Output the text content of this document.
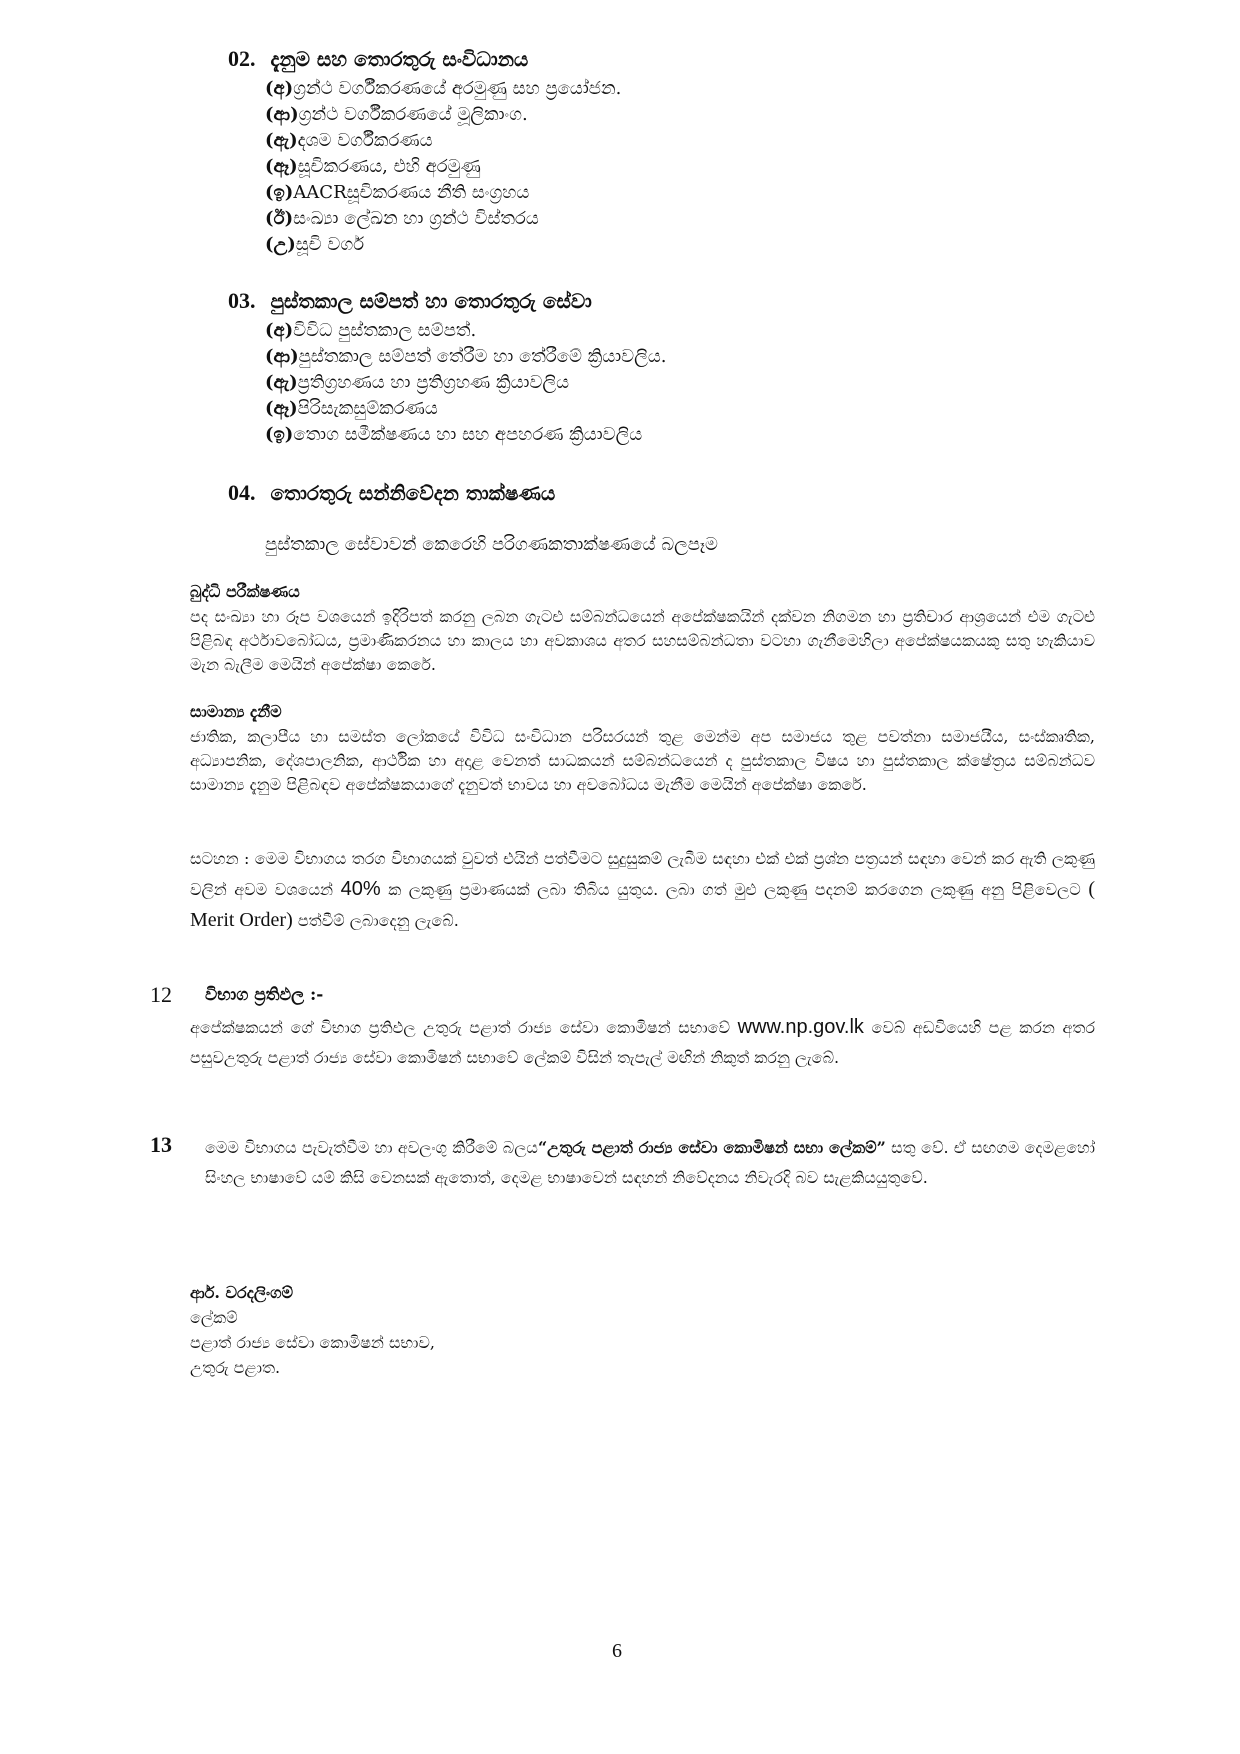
02. දැනුම සහ තොරතුරු සංවිධානය
(අ)ග්‍රන්ථ වර්ගීකරණයේ අරමුණු සහ ප්‍රයෝජන.
(ආ)ග්‍රන්ථ වර්ගීකරණයේ මූලිකාංග.
(ඇ)දශම වර්ගීකරණය
(ඈ)සූචිකරණය, එහි අරමුණු
(ඉ)AACRසූචිකරණය නීති සංග්‍රහය
(ඊ)සංඛ්‍යා ලේඛන හා ග්‍රන්ථ විස්තරය
(උ)සූචි වර්ග
03. පුස්තකාල සම්පත් හා තොරතුරු සේවා
(අ)විවිධ පුස්තකාල සම්පත්.
(ආ)පුස්තකාල සම්පත් තේරීම හා තේරීමේ ක්‍රියාවලිය.
(ඇ)ප්‍රතිග්‍රහණය හා ප්‍රතිග්‍රහණ ක්‍රියාවලිය
(ඈ)පිරිසැකසුම්කරණය
(ඉ)තොග සමීක්ෂණය හා සහ අපහරණ ක්‍රියාවලිය
04. තොරතුරු සන්නිවේදන තාක්ෂණය
පුස්තකාල සේවාවන් කෙරෙහි පරිගණකතාක්ෂණයේ බලපෑම
බුද්ධි පරීක්ෂණය
පද සංඛ්‍යා හා රූප වශයෙන් ඉදිරිපත් කරනු ලබන ගැටළු සම්බන්ධයෙන් අපේක්ෂකයින් දක්වන නිගමන හා ප්‍රතිචාර ආශ්‍රයෙන් එම ගැටළු පිළිබඳ අර්ථාවබෝධය, ප්‍රමාණිකරනය හා කාලය හා අවකාශය අතර සහසම්බන්ධතා වටහා ගැනීමෙහිලා අපේක්ෂයකයකු සතු හැකියාව මැන බැලීම මෙයින් අපේක්ෂා කෙරේ.
සාමාන්‍ය දැනීම
ජාතික, කලාපීය හා සමස්ත ලෝකයේ විවිධ සංවිධාන පරිසරයන් තුළ මෙන්ම අප සමාජය තුළ පවත්නා සමාජයීය, සංස්කෘතික, අධ්‍යාපනික, දේශපාලනික, ආර්ථික හා අදාළ වෙනත් සාධකයන් සම්බන්ධයෙන් ද පුස්තකාල විෂය හා පුස්තකාල ක්ෂේත්‍රය සම්බන්ධව සාමාන්‍ය දැනුම පිළිබඳව අපේක්ෂකයාගේ දැනුවත් භාවය හා අවබෝධය මැනීම මෙයින් අපේක්ෂා කෙරේ.
සටහන : මෙම විභාගය තරග විභාගයක් වුවත් එයින් පත්වීමට සුදුසුකම් ලැබීම සඳහා එක් එක් ප්‍රශ්න පත්‍රයන් සඳහා වෙන් කර ඇති ලකුණු වලින් අවම වශයෙන් 40% ක ලකුණු ප්‍රමාණයක් ලබා තිබිය යුතුය. ලබා ගත් මුළු ලකුණු පදනම් කරගෙන ලකුණු අනු පිළිවෙලට ( Merit Order) පත්වීම් ලබාදෙනු ලැබේ.
12 විභාග ප්‍රතිඵල :-
අපේක්ෂකයන් ගේ විභාග ප්‍රතිඵල උතුරු පළාත් රාජ්‍ය සේවා කොමිෂන් සභාවේ www.np.gov.lk වෙබ් අඩවියෙහි පළ කරන අතර පසුවඋතුරු පළාත් රාජ්‍ය සේවා කොමිෂන් සභාවේ ලේකම් විසින් තැපැල් මඟින් නිකුත් කරනු ලැබේ.
13 මෙම විභාගය පැවැත්වීම හා අවලංගු කිරීමේ බලය“උතුරු පළාත් රාජ්‍ය සේවා කොමිෂන් සභා ලේකම්” සතු වේ. ඒ සඟගම දෙමළහෝ සිංහල භාෂාවේ යම් කිසි වෙනසක් ඇතොත්, දෙමළ භාෂාවෙන් සඳහන් නිවේදනය නිවැරදි බව සැළකියයුතුවේ.
ආර්. වරදලිංගම්
ලේකම්
පළාත් රාජ්‍ය සේවා කොමිෂන් සභාව,
උතුරු පළාත.
6
